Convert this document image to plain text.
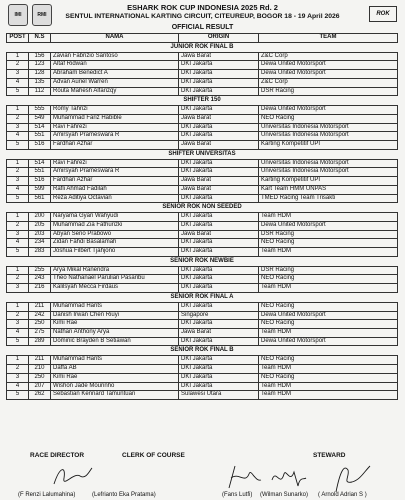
IMI	RMI	ROK
ESHARK ROK CUP INDONESIA 2025 Rd. 2
SENTUL INTERNATIONAL KARTING CIRCUIT, CITEUREUP, BOGOR 18 - 19 April 2026
OFFICIAL RESULT
POST	N.S	NAMA	ORIGIN	TEAM
JUNIOR ROK FINAL B				
1	156	Zavian Fabrizio Santoso	Jawa Barat	Z&C Corp
2	123	Altaf Ridwan	DKI Jakarta	Dewa United Motorsport
3	128	Abraham Benedict A	DKI Jakarta	Dewa United Motorsport
4	135	Advan Auriel Warren	DKI Jakarta	Z&C Corp
5	112	Routa Mahesh Alfarizqy	DKI Jakarta	DSR Racing
SHIFTER 150				
1	555	Romy Tahrizi	DKI Jakarta	Dewa United Motorsport
2	549	Muhammad Fariz Habible	Jawa Barat	NEO Racing
3	514	Ravi Fahrezi	DKI Jakarta	Universitas Indonesia Motorsport
4	551	Amirsyah Prameswara R	DKI Jakarta	Universitas Indonesia Motorsport
5	516	Fardhan Azhar	Jawa Barat	Karting Kompetitif UPI
SHIFTER UNIVERSITAS				
1	514	Ravi Fahrezi	DKI Jakarta	Universitas Indonesia Motorsport
2	551	Amirsyah Prameswara R	DKI Jakarta	Universitas Indonesia Motorsport
3	516	Fardhan Azhar	Jawa Barat	Karting Kompetitif UPI
4	599	Rafli Ahmad Fadilah	Jawa Barat	Kart Team HMM UNPAS
5	561	Reza Aditiya Octavian	DKI Jakarta	TMED Racing Team Trisakti
SENIOR ROK NON SEEDED				
1	200	Naryama Gyan Wahyudi	DKI Jakarta	Team HDM
2	205	Muhammad Zia Fathurizki	DKI Jakarta	Dewa United Motorsport
3	203	Abyan Seno Prabowo	Jawa Barat	DSR Racing
4	234	Zidan Fahdi Basalamah	DKI Jakarta	NEO Racing
5	283	Joshua Filbert Tjahjono	DKI Jakarta	Team HDM
SENIOR ROK NEWBIE				
1	255	Arya Mikal Ranendra	DKI Jakarta	DSR Racing
2	243	Theo Nathanael Parulian Pasaribu	DKI Jakarta	NEO Racing
3	216	Kalilsyah Mecca Firdaus	DKI Jakarta	Team HDM
SENIOR ROK FINAL A				
1	211	Muhammad Harits	DKI Jakarta	NEO Racing
2	242	Danish Irwan Chen Riuyi	Singapore	Dewa United Motorsport
3	250	Kimi Rae	DKI Jakarta	NEO Racing
4	275	Nathan Anthony Arya	Jawa Barat	Team HDM
5	289	Dominic Brayden B Setiawan	DKI Jakarta	Dewa United Motorsport
SENIOR ROK FINAL B				
1	211	Muhammad Harits	DKI Jakarta	NEO Racing
2	210	Daffa AB	DKI Jakarta	Team HDM
3	250	Kimi Rae	DKI Jakarta	NEO Racing
4	207	Wishon Jade Mourinho	DKI Jakarta	Team HDM
5	262	Sebastian Kennard Tamuntuan	Sulawesi Utara	Team HDM
RACE DIRECTOR	CLERK OF COURSE	STEWARD
(F Renzi Lalumahina)	(Lefrianto Eka Pratama)	(Fans Lutfi) (Wilman Sunarko) ( Arnold Adrian S )
